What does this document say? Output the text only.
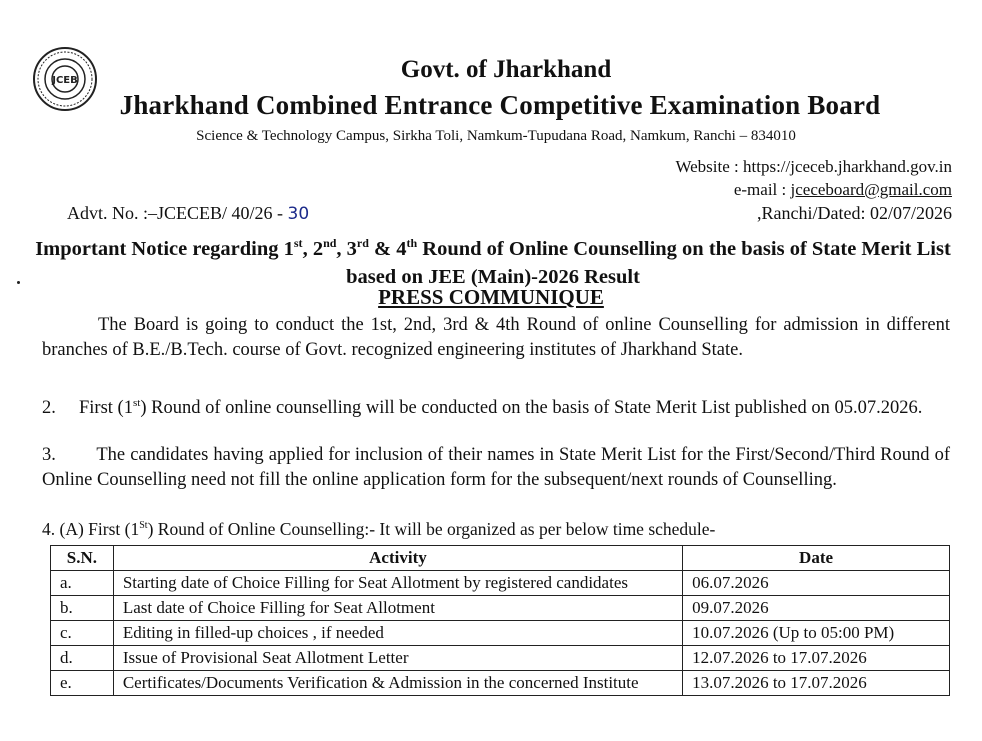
JCEB	Govt. of Jharkhand
Jharkhand Combined Entrance Competitive Examination Board
Science & Technology Campus, Sirkha Toli, Namkum-Tupudana Road, Namkum, Ranchi – 834010
Website : https://jceceb.jharkhand.gov.in
e-mail : jceceboard@gmail.com
Advt. No. :–JCECEB/ 40/26 - 30	,Ranchi/Dated: 02/07/2026
Important Notice regarding 1st, 2nd, 3rd & 4th Round of Online Counselling on the basis of State Merit List based on JEE (Main)-2026 Result
PRESS COMMUNIQUE
The Board is going to conduct the 1st, 2nd, 3rd & 4th Round of online Counselling for admission in different branches of B.E./B.Tech. course of Govt. recognized engineering institutes of Jharkhand State.
2. First (1st) Round of online counselling will be conducted on the basis of State Merit List published on 05.07.2026.
3. The candidates having applied for inclusion of their names in State Merit List for the First/Second/Third Round of Online Counselling need not fill the online application form for the subsequent/next rounds of Counselling.
4. (A) First (1St) Round of Online Counselling:- It will be organized as per below time schedule-
S.N.	Activity	Date
a.	Starting date of Choice Filling for Seat Allotment by registered candidates	06.07.2026
b.	Last date of Choice Filling for Seat Allotment	09.07.2026
c.	Editing in filled-up choices , if needed	10.07.2026 (Up to 05:00 PM)
d.	Issue of Provisional Seat Allotment Letter	12.07.2026 to 17.07.2026
e.	Certificates/Documents Verification & Admission in the concerned Institute	13.07.2026 to 17.07.2026
